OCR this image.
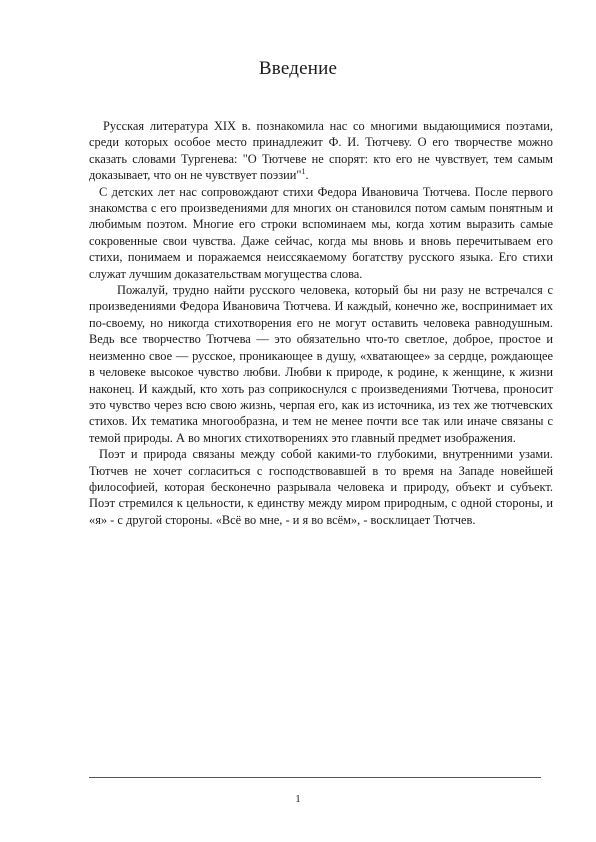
Введение

Русская литература XIX в. познакомила нас со многими выдающимися поэтами, среди которых особое место принадлежит Ф. И. Тютчеву. О его творчестве можно сказать словами Тургенева: "О Тютчеве не спорят: кто его не чувствует, тем самым доказывает, что он не чувствует поэзии"$^1$.

С детских лет нас сопровождают стихи Федора Ивановича Тютчева. После первого знакомства с его произведениями для многих он становился потом самым понятным и любимым поэтом. Многие его строки вспоминаем мы, когда хотим выразить самые сокровенные свои чувства. Даже сейчас, когда мы вновь и вновь перечитываем его стихи, понимаем и поражаемся неиссякаемому богатству русского языка. Его стихи служат лучшим доказательствам могущества слова.

Пожалуй, трудно найти русского человека, который бы ни разу не встречался с произведениями Федора Ивановича Тютчева. И каждый, конечно же, воспринимает их по-своему, но никогда стихотворения его не могут оставить человека равнодушным. Ведь все творчество Тютчева — это обязательно что-то светлое, доброе, простое и неизменно свое — русское, проникающее в душу, «хватающее» за сердце, рождающее в человеке высокое чувство любви. Любви к природе, к родине, к женщине, к жизни наконец. И каждый, кто хоть раз соприкоснулся с произведениями Тютчева, проносит это чувство через всю свою жизнь, черпая его, как из источника, из тех же тютчевских стихов. Их тематика многообразна, и тем не менее почти все так или иначе связаны с темой природы. А во многих стихотворениях это главный предмет изображения.

Поэт и природа связаны между собой какими-то глубокими, внутренними узами. Тютчев не хочет согласиться с господствовавшей в то время на Западе новейшей философией, которая бесконечно разрывала человека и природу, объект и субъект. Поэт стремился к цельности, к единству между миром природным, с одной стороны, и «я» - с другой стороны. «Всё во мне, - и я во всём», - восклицает Тютчев.

1
